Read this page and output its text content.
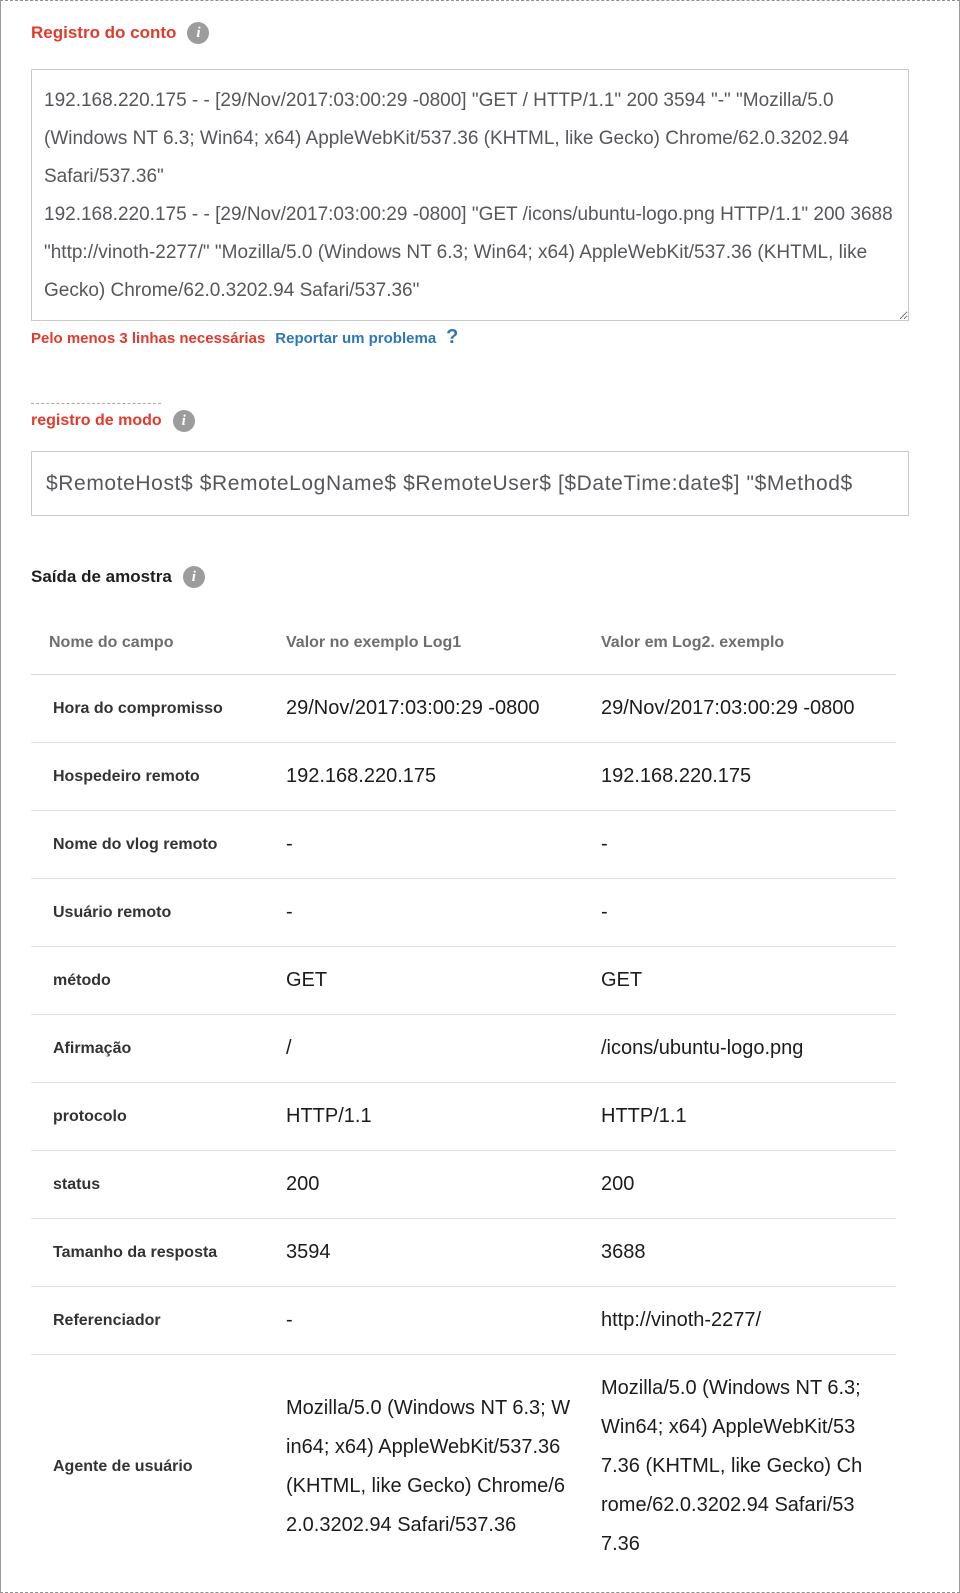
Registro do conto	i
192.168.220.175 - - [29/Nov/2017:03:00:29 -0800] "GET / HTTP/1.1" 200 3594 "-" "Mozilla/5.0 (Windows NT 6.3; Win64; x64) AppleWebKit/537.36 (KHTML, like Gecko) Chrome/62.0.3202.94 Safari/537.36" 192.168.220.175 - - [29/Nov/2017:03:00:29 -0800] "GET /icons/ubuntu-logo.png HTTP/1.1" 200 3688 "http://vinoth-2277/" "Mozilla/5.0 (Windows NT 6.3; Win64; x64) AppleWebKit/537.36 (KHTML, like Gecko) Chrome/62.0.3202.94 Safari/537.36"
Pelo menos 3 linhas necessárias Reportar um problema ?
registro de modo	i
$RemoteHost$ $RemoteLogName$ $RemoteUser$ [$DateTime:date$] "$Method$
Saída de amostra	i
Nome do campo	Valor no exemplo Log1	Valor em Log2. exemplo
Hora do compromisso	29/Nov/2017:03:00:29 -0800	29/Nov/2017:03:00:29 -0800
Hospedeiro remoto	192.168.220.175	192.168.220.175
Nome do vlog remoto	-	-
Usuário remoto	-	-
método	GET	GET
Afirmação	/	/icons/ubuntu-logo.png
protocolo	HTTP/1.1	HTTP/1.1
status	200	200
Tamanho da resposta	3594	3688
Referenciador	-	http://vinoth-2277/
Agente de usuário	Mozilla/5.0 (Windows NT 6.3; Win64; x64) AppleWebKit/537.36 (KHTML, like Gecko) Chrome/62.0.3202.94 Safari/537.36	Mozilla/5.0 (Windows NT 6.3; Win64; x64) AppleWebKit/537.36 (KHTML, like Gecko) Chrome/62.0.3202.94 Safari/537.36
